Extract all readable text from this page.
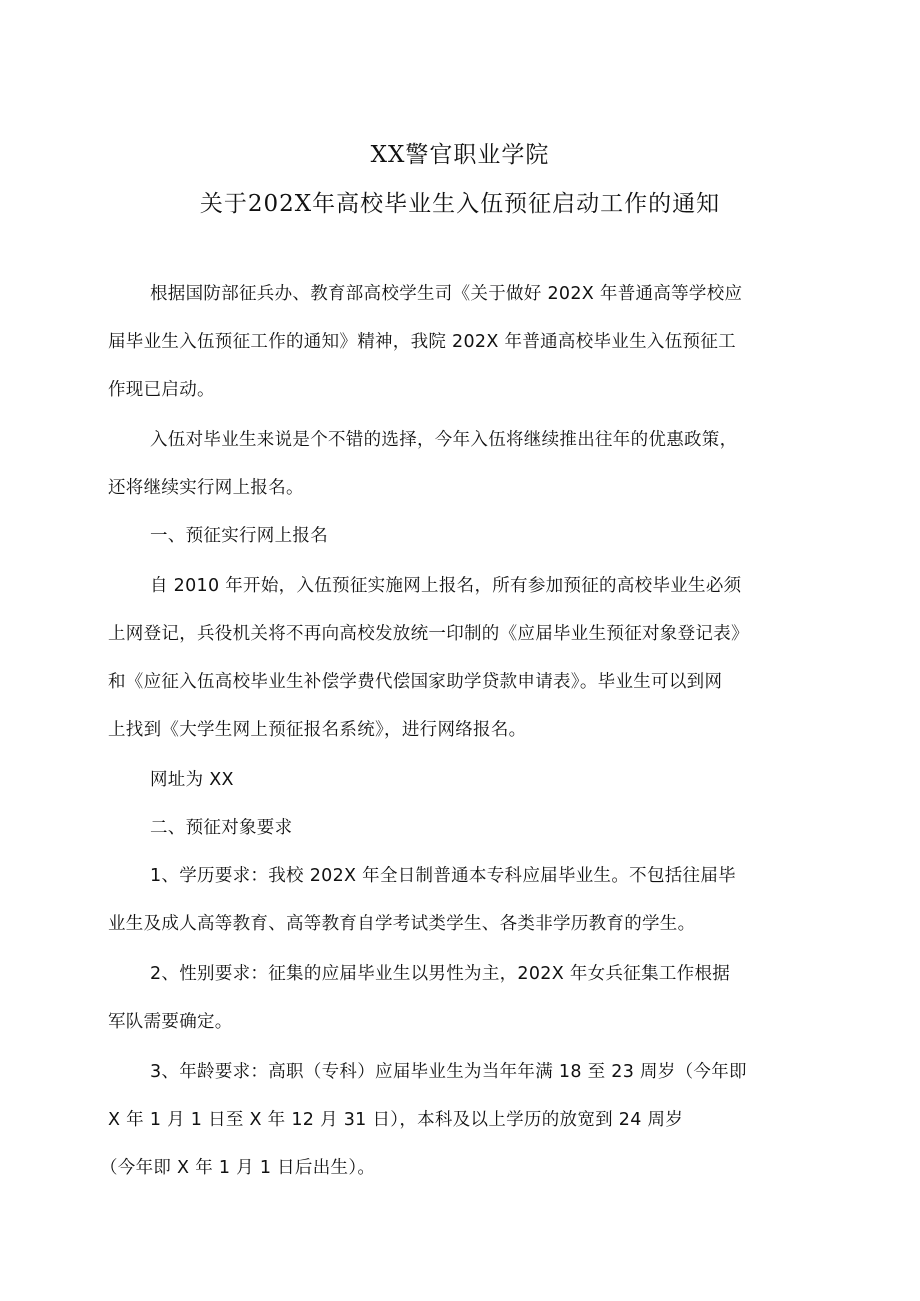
XX警官职业学院
关于202X年高校毕业生入伍预征启动工作的通知
根据国防部征兵办、教育部高校学生司《关于做好 202X 年普通高等学校应
届毕业生入伍预征工作的通知》精神，我院 202X 年普通高校毕业生入伍预征工
作现已启动。
入伍对毕业生来说是个不错的选择，今年入伍将继续推出往年的优惠政策，
还将继续实行网上报名。
一、预征实行网上报名
自 2010 年开始，入伍预征实施网上报名，所有参加预征的高校毕业生必须
上网登记，兵役机关将不再向高校发放统一印制的《应届毕业生预征对象登记表》
和《应征入伍高校毕业生补偿学费代偿国家助学贷款申请表》。毕业生可以到网
上找到《大学生网上预征报名系统》，进行网络报名。
网址为 XX
二、预征对象要求
1、学历要求：我校 202X 年全日制普通本专科应届毕业生。不包括往届毕
业生及成人高等教育、高等教育自学考试类学生、各类非学历教育的学生。
2、性别要求：征集的应届毕业生以男性为主，202X 年女兵征集工作根据
军队需要确定。
3、年龄要求：高职（专科）应届毕业生为当年年满 18 至 23 周岁（今年即
X 年 1 月 1 日至 X 年 12 月 31 日），本科及以上学历的放宽到 24 周岁
（今年即 X 年 1 月 1 日后出生）。
